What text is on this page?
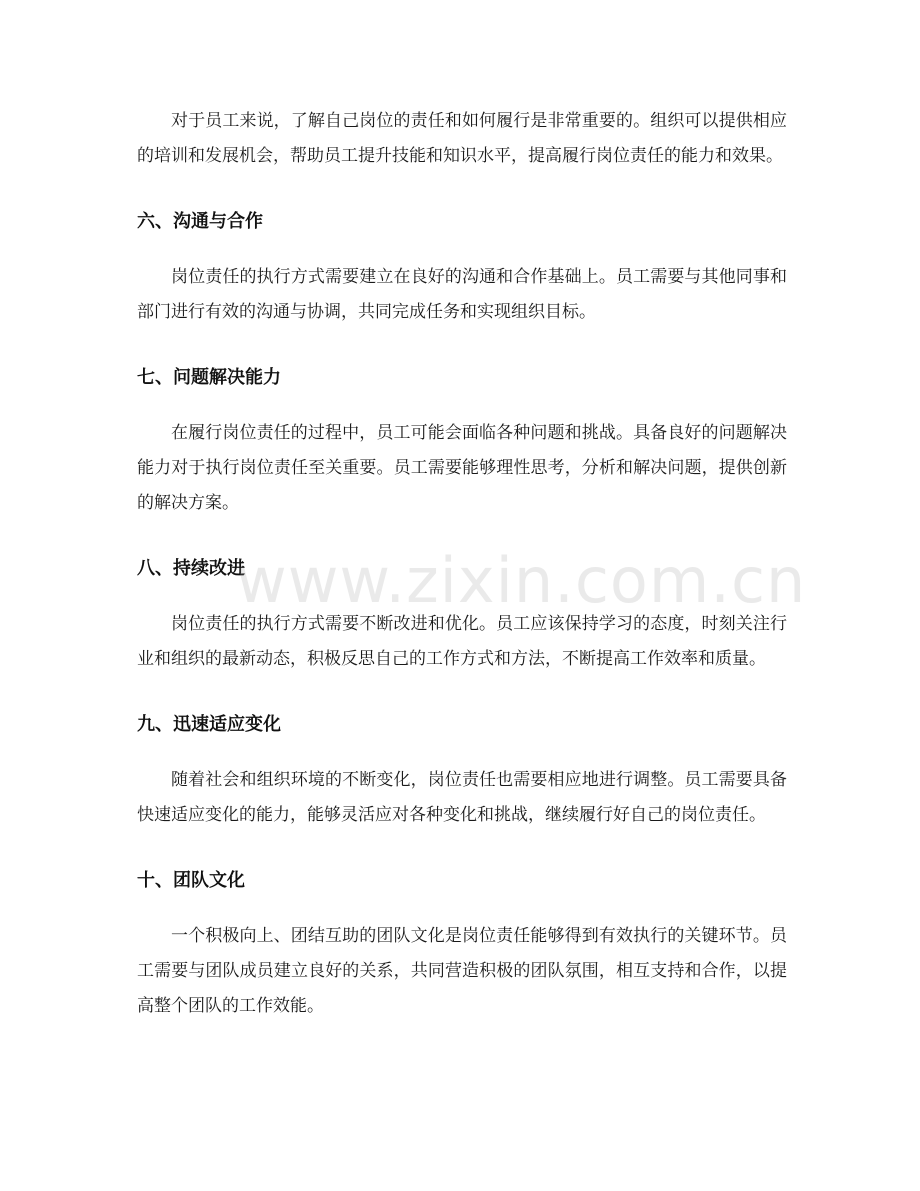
对于员工来说，了解自己岗位的责任和如何履行是非常重要的。组织可以提供相应的培训和发展机会，帮助员工提升技能和知识水平，提高履行岗位责任的能力和效果。

六、沟通与合作

岗位责任的执行方式需要建立在良好的沟通和合作基础上。员工需要与其他同事和部门进行有效的沟通与协调，共同完成任务和实现组织目标。

七、问题解决能力

在履行岗位责任的过程中，员工可能会面临各种问题和挑战。具备良好的问题解决能力对于执行岗位责任至关重要。员工需要能够理性思考，分析和解决问题，提供创新的解决方案。

八、持续改进

岗位责任的执行方式需要不断改进和优化。员工应该保持学习的态度，时刻关注行业和组织的最新动态，积极反思自己的工作方式和方法，不断提高工作效率和质量。

九、迅速适应变化

随着社会和组织环境的不断变化，岗位责任也需要相应地进行调整。员工需要具备快速适应变化的能力，能够灵活应对各种变化和挑战，继续履行好自己的岗位责任。

十、团队文化

一个积极向上、团结互助的团队文化是岗位责任能够得到有效执行的关键环节。员工需要与团队成员建立良好的关系，共同营造积极的团队氛围，相互支持和合作，以提高整个团队的工作效能。

www.zixin.com.cn
